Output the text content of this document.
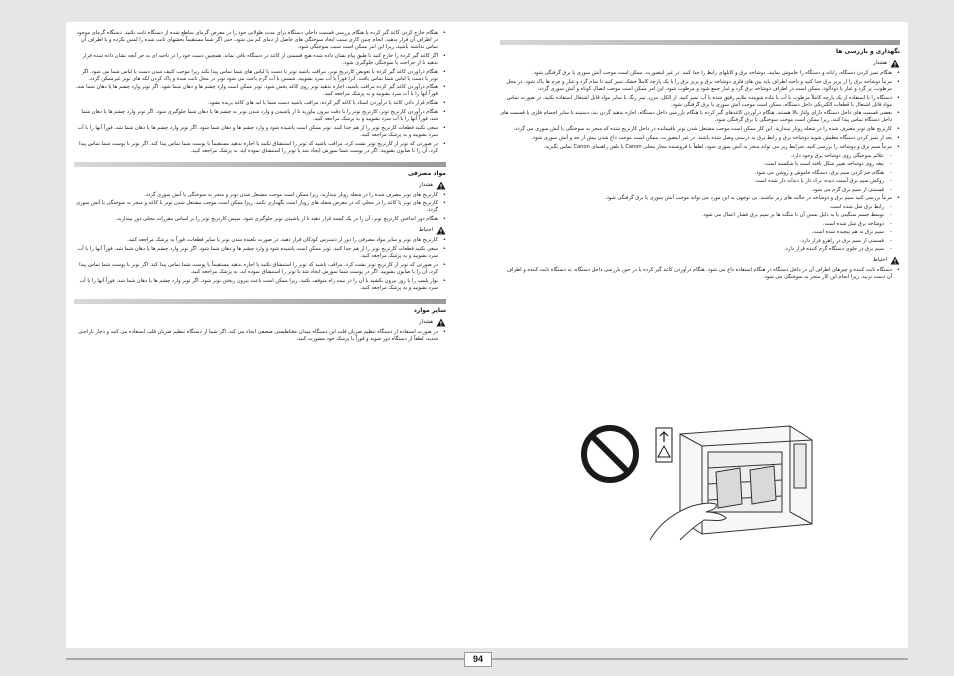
• هنگام خارج کردن کاغذ گیر کرده یا هنگام بررسی قسمت داخلی دستگاه برای مدت طولانی خود را در معرض گرمای ساطع شده از دستگاه ثابت نکنید. دستگاه گرمای موجود در اطراف آن قرار ندهید. انجام چنین کاری سبب ایجاد سوختگی های حاصل از دمای کم می شود، حتی اگر شما مستقیماً بخشهای ثابت شده را لمس نکرده و با اطراف آن تماس نداشته باشید، زیرا این امر ممکن است سبب سوختگی شود.
• اگر کاغذ گیر کرده را خارج کنید تا طبق پیام نشان داده شده هیچ قسمتی از کاغذ در دستگاه باقی نماند. همچنین دست خود را در ناحیه ای به جز آنچه نشان داده شده قرار ندهید تا از جراحت یا سوختگی جلوگیری شود.
• هنگام دراوردن کاغذ گیر کرده یا تعویض کارتریج تونر، مراقب باشید تونر با دست یا لباس های شما تماس پیدا نکند زیرا موجب کثیف شدن دست یا لباس شما می شود. اگر تونر با دست یا لباس شما تماس یافت، آنرا فوراً با آب سرد بشویید. شستن با آب گرم باعث می شود تونر در محل ثابت شده و پاک کردن لکه های تونر غیرممکن گردد.
• هنگام درآوردن کاغذ گیر کرده مراقب باشید، اجازه ندهید تونر روی کاغذ پخش شود. تونر ممکن است وارد چشم ها و دهان شما شود. اگر تونر وارد چشم ها یا دهان شما شد، فوراً آنها را با آب سرد بشویید و به پزشک مراجعه کنید.
• هنگام قرار دادن کاغذ یا درآوردن اسناد یا کاغذ گیر کرده، مراقب باشید دست شما با لبه های کاغذ بریده نشود.
• هنگام درآوردن کارتریج تونر، کارتریج تونر را با دقت بیرون بیاورید تا از پاشیدن و وارد شدن تونر به چشم ها یا دهان شما جلوگیری شود. اگر تونر وارد چشم ها یا دهان شما شد، فوراً آنها را با آب سرد بشویید و به پزشک مراجعه کنید.
• سعی نکنید قطعات کارتریج تونر را از هم جدا کنید. تونر ممکن است پاشیده شود و وارد چشم ها و دهان شما شود. اگر تونر وارد چشم ها یا دهان شما شد، فوراً آنها را با آب سرد بشویید و به پزشک مراجعه کنید.
• در صورتی که تونر از کارتریج تونر نشت کرد، مراقب باشید که تونر را استنشاق نکنید یا اجازه ندهید مستقیماً با پوست شما تماس پیدا کند. اگر تونر با پوست شما تماس پیدا کرد، آن را با صابون بشویید. اگر در پوست شما سوزش ایجاد شد یا تونر را استنشاق نموده اید، به پزشک مراجعه کنید.
مواد مصرفی
هشدار
• کارتریج های تونر مصرف شده را در شعله رویاز نیندازید، زیرا ممکن است موجب مشتعل شدن تونر و منجر به سوختگی یا آتش سوزی گردد.
• کارتریج های تونر یا کاغذ را در محلی که در معرض شعله های رویاز است نگهداری نکنید. زیرا ممکن است موجب مشتعل شدن تونر یا کاغذ و منجر به سوختگی یا آتش سوزی گردد.
• هنگام دور انداختن کارتریج تونر، آن را در یک کیسه قرار دهید تا از پاشیدن تونر جلوگیری شود، سپس کارتریج تونر را بر اساس مقررات محلی دور بیندازید.
احتیاط
• کارتریج های تونر و سایر مواد مصرفی را دور از دسترس کودکان قرار دهید. در صورت بلعیده شدن تونر یا سایر قطعات، فوراً به پزشک مراجعه کنید.
• سعی نکنید قطعات کارتریج تونر را از هم جدا کنید. تونر ممکن است پاشیده شود و وارد چشم ها و دهان شما شود. اگر تونر وارد چشم ها یا دهان شما شد، فوراً آنها را با آب سرد بشویید و به پزشک مراجعه کنید.
• در صورتی که تونر از کارتریج تونر نشت کرد، مراقب باشید که تونر را استنشاق نکنید یا اجازه ندهید مستقیماً با پوست شما تماس پیدا کند. اگر تونر با پوست شما تماس پیدا کرد، آن را با صابون بشویید. اگر در پوست شما سوزش ایجاد شد یا تونر را استنشاق نموده اید، به پزشک مراجعه کنید.
• نوار پلمپ را با زور بیرون نکشید یا آن را در نیمه راه متوقف نکنید، زیرا ممکن است باعث بیرون ریختن تونر شود. اگر تونر وارد چشم ها یا دهان شما شد، فوراً آنها را با آب سرد بشویید و به پزشک مراجعه کنید.
سایر موارد
هشدار
• در صورت استفاده از دستگاه تنظیم ضربان قلب این دستگاه میدان مغناطیسی ضعیفی ایجاد می کند. اگر شما از دستگاه تنظیم ضربان قلب استفاده می کنید و دچار ناراحتی شدید، لطفاً از دستگاه دور شوید و فوراً با پزشک خود مشورت کنید.
نگهداری و بازرسی ها
هشدار
• هنگام تمیز کردن دستگاه، رایانه و دستگاه را خاموش نمایید، دوشاخه برق و کابلهای رابط را جدا کنید. در غیر اینصورت، ممکن است موجب آتش سوزی یا برق گرفتگی شود.
• مرتباً دوشاخه برق را از پریز برق جدا کنید و ناحیه اطراف پایه پین های فلزی دوشاخه برق و پریز برق را با یک پارچه کاملاً خشک تمیز کنید تا تمام گرد و غبار و چرم ها پاک شود. در محل مرطوب، پر گرد و غبار یا دودآلود، ممکن است در اطراف دوشاخه برق گرد و غبار جمع شود و مرطوب شود. این امر ممکن است موجب اتصال کوتاه و آتش سوزی گردد.
• دستگاه را با استفاده از یک پارچه کاملاً مرطوب با آب یا ماده شوینده ملایم رقیق شده با آب تمیز کنید. از الکل، بنزن، تینر رنگ یا سایر مواد قابل اشتعال استفاده نکنید. در صورت تماس مواد قابل اشتعال با قطعات الکتریکی داخل دستگاه، ممکن است موجب آتش سوزی یا برق گرفتگی شود.
• بعضی قسمت های داخل دستگاه دارای ولتاژ بالا هستند. هنگام درآوردن کاغذهای گیر کرده یا هنگام بازرسی داخل دستگاه، اجازه ندهید گردن بند، دستبند یا سایر اجسام فلزی با قسمت های داخل دستگاه تماس پیدا کنند، زیرا ممکن است موجب سوختگی یا برق گرفتگی شود.
• کارتریج های تونر مصرف شده را در شعله رویاز نیندازید. این کار ممکن است موجب مشتعل شدن تونر باقیمانده در داخل کارتریج شده که منجر به سوختگی یا آتش سوزی می گردد.
• بعد از تمیز کردن دستگاه مطمئن شوید دوشاخه برق و رابط برق به درستی وصل شده باشند. در غیر اینصورت، ممکن است موجب داغ شدن بیش از حد و آتش سوزی شود.
• مرتباً سیم برق و دوشاخه را بررسی کنید. شرایط زیر می تواند منجر به آتش سوزی شود، لطفاً با فروشنده مجاز محلی Canon یا تلفن راهنمای Canon تماس بگیرید.
- علائم سوختگی روی دوشاخه برق وجود دارد.
- تیغه روی دوشاخه تغییر شکل یافته است یا شکسته است.
- هنگام خم کردن سیم برق، دستگاه خاموش و روشن می شود.
- روکش سیم برق آسیب دیده، ترک دار یا دندانه دار شده است.
- قسمتی از سیم برق گرم می شود.
• مرتباً بررسی کنید سیم برق و دوشاخه در حالت های زیر نباشند. بی توجهی به این مورد می تواند موجب آتش سوزی یا برق گرفتگی شود.
- رابط برق شل شده است.
- توسط جسم سنگینی یا به دلیل بستن آن با منگنه ها بر سیم برق فشار اعمال می شود.
- دوشاخه برق شل شده است.
- سیم برق به هم پیچیده شده است.
- قسمتی از سیم برق در راهرو قرار دارد.
- سیم برق در جلوی دستگاه گرم کننده قرار دارد.
احتیاط
• دستگاه ثابت کننده و چیزهای اطراف آن در داخل دستگاه در هنگام استفاده داغ می شود. هنگام درآوردن کاغذ گیر کرده یا در حین بازرسی داخل دستگاه، به دستگاه ثابت کننده و اطراف آن دست نزنید. زیرا انجام این کار منجر به سوختگی می شود.
94
